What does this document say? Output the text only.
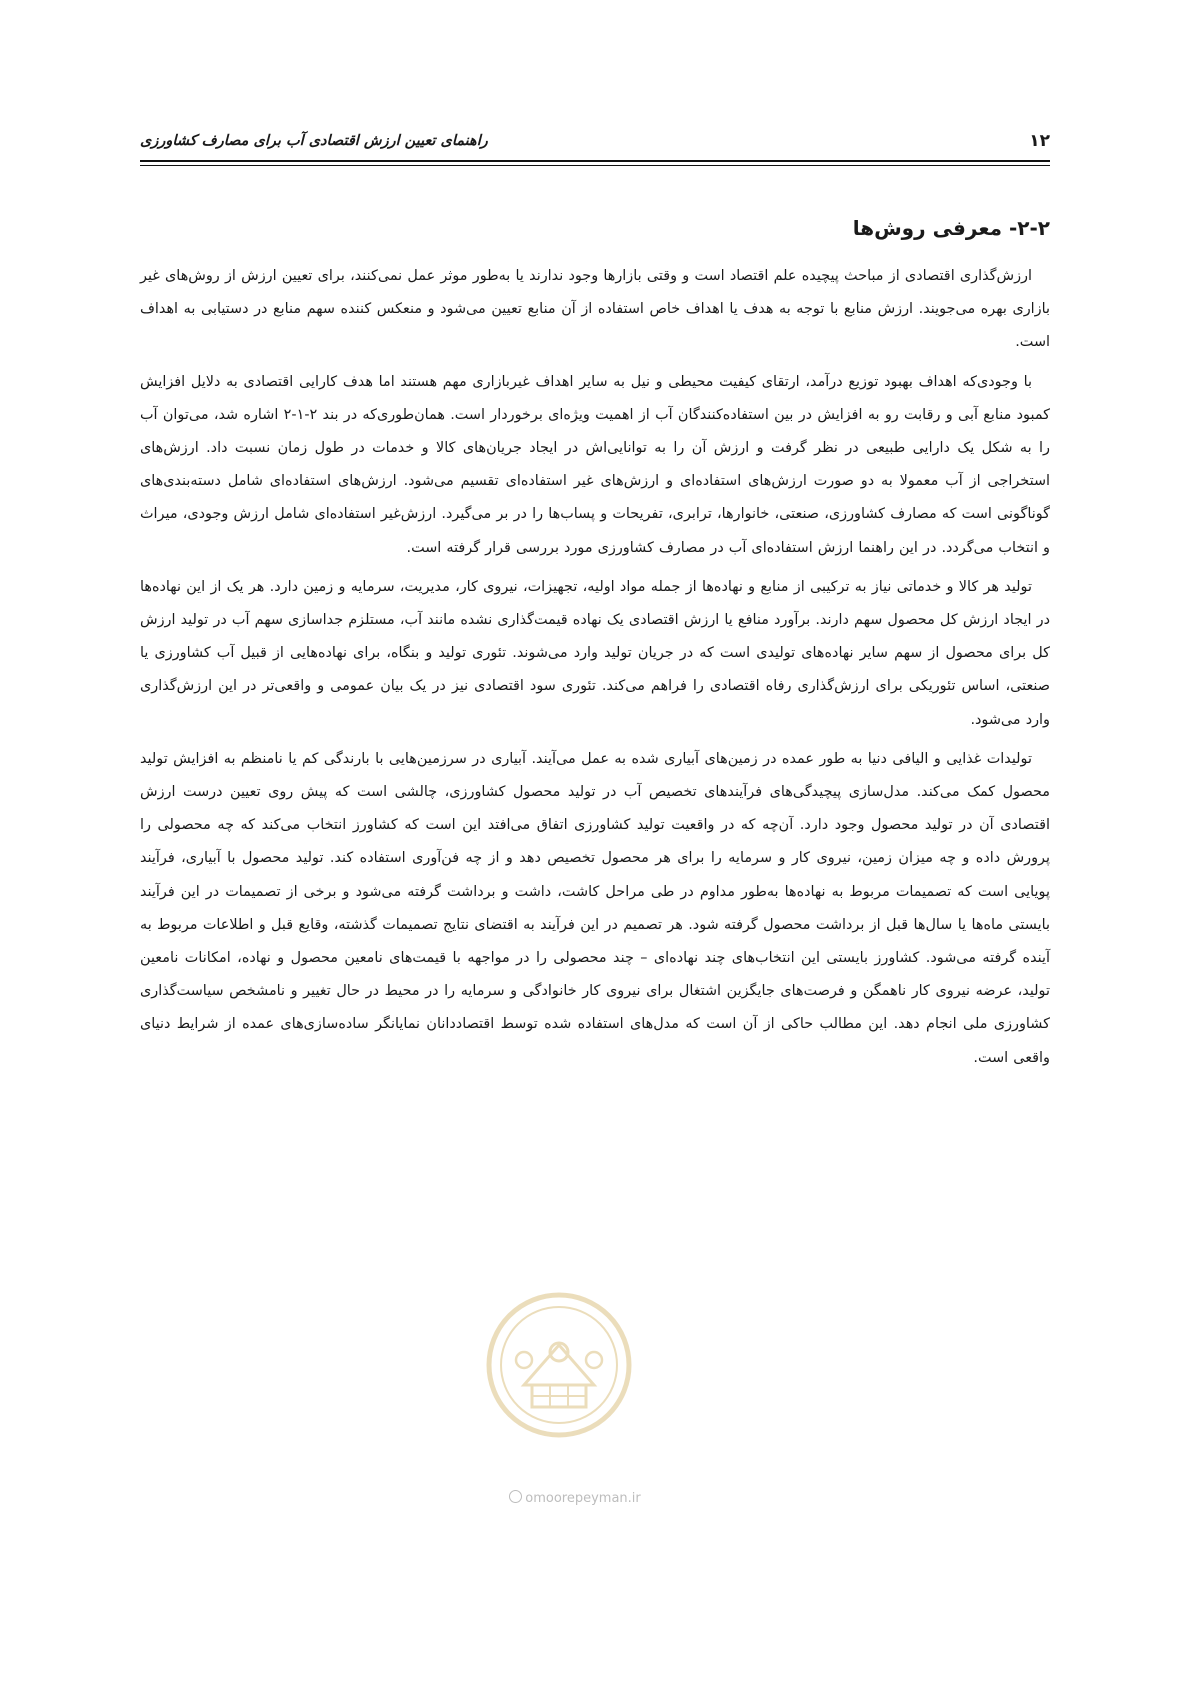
۱۲
راهنمای تعیین ارزش اقتصادی آب برای مصارف کشاورزی
۲-۲- معرفی روش‌ها

ارزش‌گذاری اقتصادی از مباحث پیچیده علم اقتصاد است و وقتی بازارها وجود ندارند یا به‌طور موثر عمل نمی‌کنند، برای تعیین ارزش از روش‌های غیر بازاری بهره می‌جویند. ارزش منابع با توجه به هدف یا اهداف خاص استفاده از آن منابع تعیین می‌شود و منعکس کننده سهم منابع در دستیابی به اهداف است.

با وجودی‌که اهداف بهبود توزیع درآمد، ارتقای کیفیت محیطی و نیل به سایر اهداف غیربازاری مهم هستند اما هدف کارایی اقتصادی به دلایل افزایش کمبود منابع آبی و رقابت رو به افزایش در بین استفاده‌کنندگان آب از اهمیت ویژه‌ای برخوردار است. همان‌طوری‌که در بند ۲-۱-۲ اشاره شد، می‌توان آب را به شکل یک دارایی طبیعی در نظر گرفت و ارزش آن را به توانایی‌اش در ایجاد جریان‌های کالا و خدمات در طول زمان نسبت داد. ارزش‌های استخراجی از آب معمولا به دو صورت ارزش‌های استفاده‌ای و ارزش‌های غیر استفاده‌ای تقسیم می‌شود. ارزش‌های استفاده‌ای شامل دسته‌بندی‌های گوناگونی است که مصارف کشاورزی، صنعتی، خانوارها، ترابری، تفریحات و پساب‌ها را در بر می‌گیرد. ارزش‌غیر استفاده‌ای شامل ارزش وجودی، میراث و انتخاب می‌گردد. در این راهنما ارزش استفاده‌ای آب در مصارف کشاورزی مورد بررسی قرار گرفته است.

تولید هر کالا و خدماتی نیاز به ترکیبی از منابع و نهاده‌ها از جمله مواد اولیه، تجهیزات، نیروی کار، مدیریت، سرمایه و زمین دارد. هر یک از این نهاده‌ها در ایجاد ارزش کل محصول سهم دارند. برآورد منافع یا ارزش اقتصادی یک نهاده قیمت‌گذاری نشده مانند آب، مستلزم جداسازی سهم آب در تولید ارزش کل برای محصول از سهم سایر نهاده‌های تولیدی است که در جریان تولید وارد می‌شوند. تئوری تولید و بنگاه، برای نهاده‌هایی از قبیل آب کشاورزی یا صنعتی، اساس تئوریکی برای ارزش‌گذاری رفاه اقتصادی را فراهم می‌کند. تئوری سود اقتصادی نیز در یک بیان عمومی و واقعی‌تر در این ارزش‌گذاری وارد می‌شود.

تولیدات غذایی و الیافی دنیا به طور عمده در زمین‌های آبیاری شده به عمل می‌آیند. آبیاری در سرزمین‌هایی با بارندگی کم یا نامنظم به افزایش تولید محصول کمک می‌کند. مدل‌سازی پیچیدگی‌های فرآیندهای تخصیص آب در تولید محصول کشاورزی، چالشی است که پیش روی تعیین درست ارزش اقتصادی آن در تولید محصول وجود دارد. آن‌چه که در واقعیت تولید کشاورزی اتفاق می‌افتد این است که کشاورز انتخاب می‌کند که چه محصولی را پرورش داده و چه میزان زمین، نیروی کار و سرمایه را برای هر محصول تخصیص دهد و از چه فن‌آوری استفاده کند. تولید محصول با آبیاری، فرآیند پویایی است که تصمیمات مربوط به نهاده‌ها به‌طور مداوم در طی مراحل کاشت، داشت و برداشت گرفته می‌شود و برخی از تصمیمات در این فرآیند بایستی ماه‌ها یا سال‌ها قبل از برداشت محصول گرفته شود. هر تصمیم در این فرآیند به اقتضای نتایج تصمیمات گذشته، وقایع قبل و اطلاعات مربوط به آینده گرفته می‌شود. کشاورز بایستی این انتخاب‌های چند نهاده‌ای – چند محصولی را در مواجهه با قیمت‌های نامعین محصول و نهاده، امکانات نامعین تولید، عرضه نیروی کار ناهمگن و فرصت‌های جایگزین اشتغال برای نیروی کار خانوادگی و سرمایه را در محیط در حال تغییر و نامشخص سیاست‌گذاری کشاورزی ملی انجام دهد. این مطالب حاکی از آن است که مدل‌های استفاده شده توسط اقتصاددانان نمایانگر ساده‌سازی‌های عمده از شرایط دنیای واقعی است.

omoorepeyman.ir
